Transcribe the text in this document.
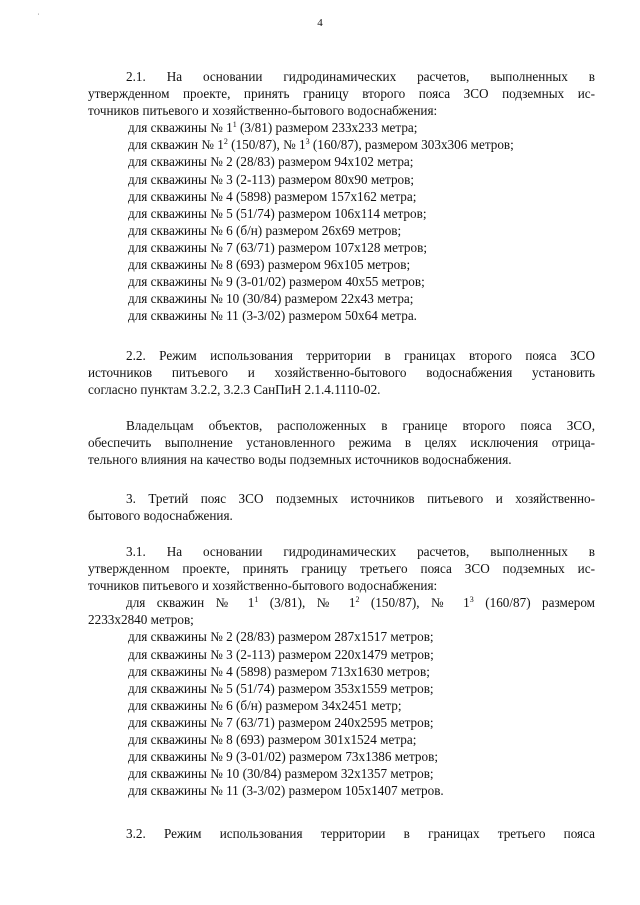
˙
4
2.1. На основании гидродинамических расчетов, выполненных в
утвержденном проекте, принять границу второго пояса ЗСО подземных ис-
точников питьевого и хозяйственно-бытового водоснабжения:
для скважины № $1^1$ (3/81) размером 233x233 метра;
для скважин № $1^2$ (150/87), № $1^3$ (160/87), размером 303x306 метров;
для скважины № 2 (28/83) размером 94x102 метра;
для скважины № 3 (2-113) размером 80x90 метров;
для скважины № 4 (5898) размером 157x162 метра;
для скважины № 5 (51/74) размером 106x114 метров;
для скважины № 6 (б/н) размером 26x69 метров;
для скважины № 7 (63/71) размером 107x128 метров;
для скважины № 8 (693) размером 96x105 метров;
для скважины № 9 (3-01/02) размером 40x55 метров;
для скважины № 10 (30/84) размером 22x43 метра;
для скважины № 11 (3-3/02) размером 50x64 метра.
2.2. Режим использования территории в границах второго пояса ЗСО
источников питьевого и хозяйственно-бытового водоснабжения установить
согласно пунктам 3.2.2, 3.2.3 СанПиН 2.1.4.1110-02.
Владельцам объектов, расположенных в границе второго пояса ЗСО,
обеспечить выполнение установленного режима в целях исключения отрица-
тельного влияния на качество воды подземных источников водоснабжения.
3. Третий пояс ЗСО подземных источников питьевого и хозяйственно-
бытового водоснабжения.
3.1. На основании гидродинамических расчетов, выполненных в
утвержденном проекте, принять границу третьего пояса ЗСО подземных ис-
точников питьевого и хозяйственно-бытового водоснабжения:
для скважин № $1^1$ (3/81), № $1^2$ (150/87), № $1^3$ (160/87) размером
2233x2840 метров;
для скважины № 2 (28/83) размером 287x1517 метров;
для скважины № 3 (2-113) размером 220x1479 метров;
для скважины № 4 (5898) размером 713x1630 метров;
для скважины № 5 (51/74) размером 353x1559 метров;
для скважины № 6 (б/н) размером 34x2451 метр;
для скважины № 7 (63/71) размером 240x2595 метров;
для скважины № 8 (693) размером 301x1524 метра;
для скважины № 9 (3-01/02) размером 73x1386 метров;
для скважины № 10 (30/84) размером 32x1357 метров;
для скважины № 11 (3-3/02) размером 105x1407 метров.
3.2. Режим использования территории в границах третьего пояса
